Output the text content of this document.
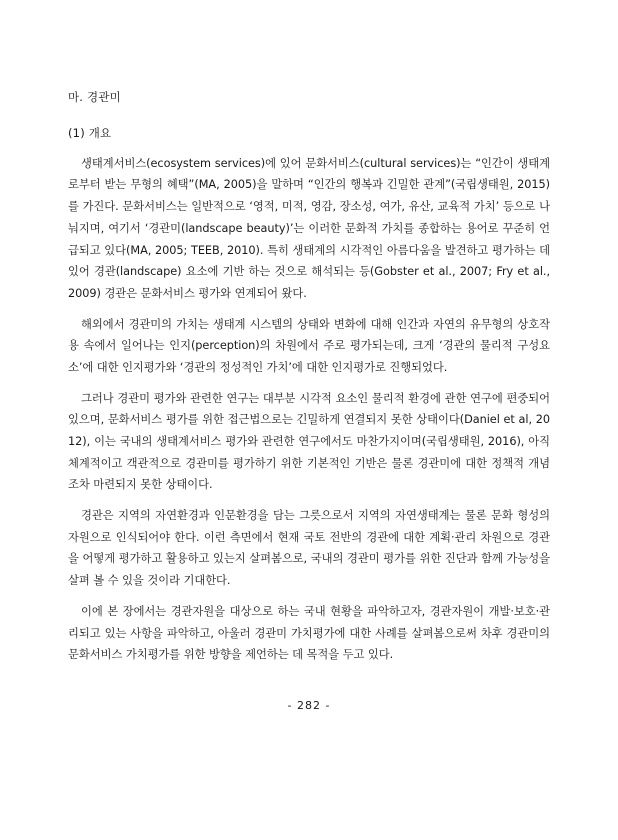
마. 경관미

(1) 개요

생태계서비스(ecosystem services)에 있어 문화서비스(cultural services)는 “인간이 생태계로부터 받는 무형의 혜택”(MA, 2005)을 말하며 “인간의 행복과 긴밀한 관계”(국립생태원, 2015)를 가진다. 문화서비스는 일반적으로 ‘영적, 미적, 영감, 장소성, 여가, 유산, 교육적 가치’ 등으로 나눠지며, 여기서 ‘경관미(landscape beauty)’는 이러한 문화적 가치를 종합하는 용어로 꾸준히 언급되고 있다(MA, 2005; TEEB, 2010). 특히 생태계의 시각적인 아름다움을 발견하고 평가하는 데 있어 경관(landscape) 요소에 기반 하는 것으로 해석되는 등(Gobster et al., 2007; Fry et al., 2009) 경관은 문화서비스 평가와 연계되어 왔다.

해외에서 경관미의 가치는 생태계 시스템의 상태와 변화에 대해 인간과 자연의 유무형의 상호작용 속에서 일어나는 인지(perception)의 차원에서 주로 평가되는데, 크게 ‘경관의 물리적 구성요소’에 대한 인지평가와 ‘경관의 정성적인 가치’에 대한 인지평가로 진행되었다.

그러나 경관미 평가와 관련한 연구는 대부분 시각적 요소인 물리적 환경에 관한 연구에 편중되어 있으며, 문화서비스 평가를 위한 접근법으로는 긴밀하게 연결되지 못한 상태이다(Daniel et al, 2012), 이는 국내의 생태계서비스 평가와 관련한 연구에서도 마찬가지이며(국립생태원, 2016), 아직 체계적이고 객관적으로 경관미를 평가하기 위한 기본적인 기반은 물론 경관미에 대한 정책적 개념조차 마련되지 못한 상태이다.

경관은 지역의 자연환경과 인문환경을 담는 그릇으로서 지역의 자연생태계는 물론 문화 형성의 자원으로 인식되어야 한다. 이런 측면에서 현재 국토 전반의 경관에 대한 계획·관리 차원으로 경관을 어떻게 평가하고 활용하고 있는지 살펴봄으로, 국내의 경관미 평가를 위한 진단과 함께 가능성을 살펴 볼 수 있을 것이라 기대한다.

이에 본 장에서는 경관자원을 대상으로 하는 국내 현황을 파악하고자, 경관자원이 개발·보호·관리되고 있는 사항을 파악하고, 아울러 경관미 가치평가에 대한 사례를 살펴봄으로써 차후 경관미의 문화서비스 가치평가를 위한 방향을 제언하는 데 목적을 두고 있다.

- 282 -
